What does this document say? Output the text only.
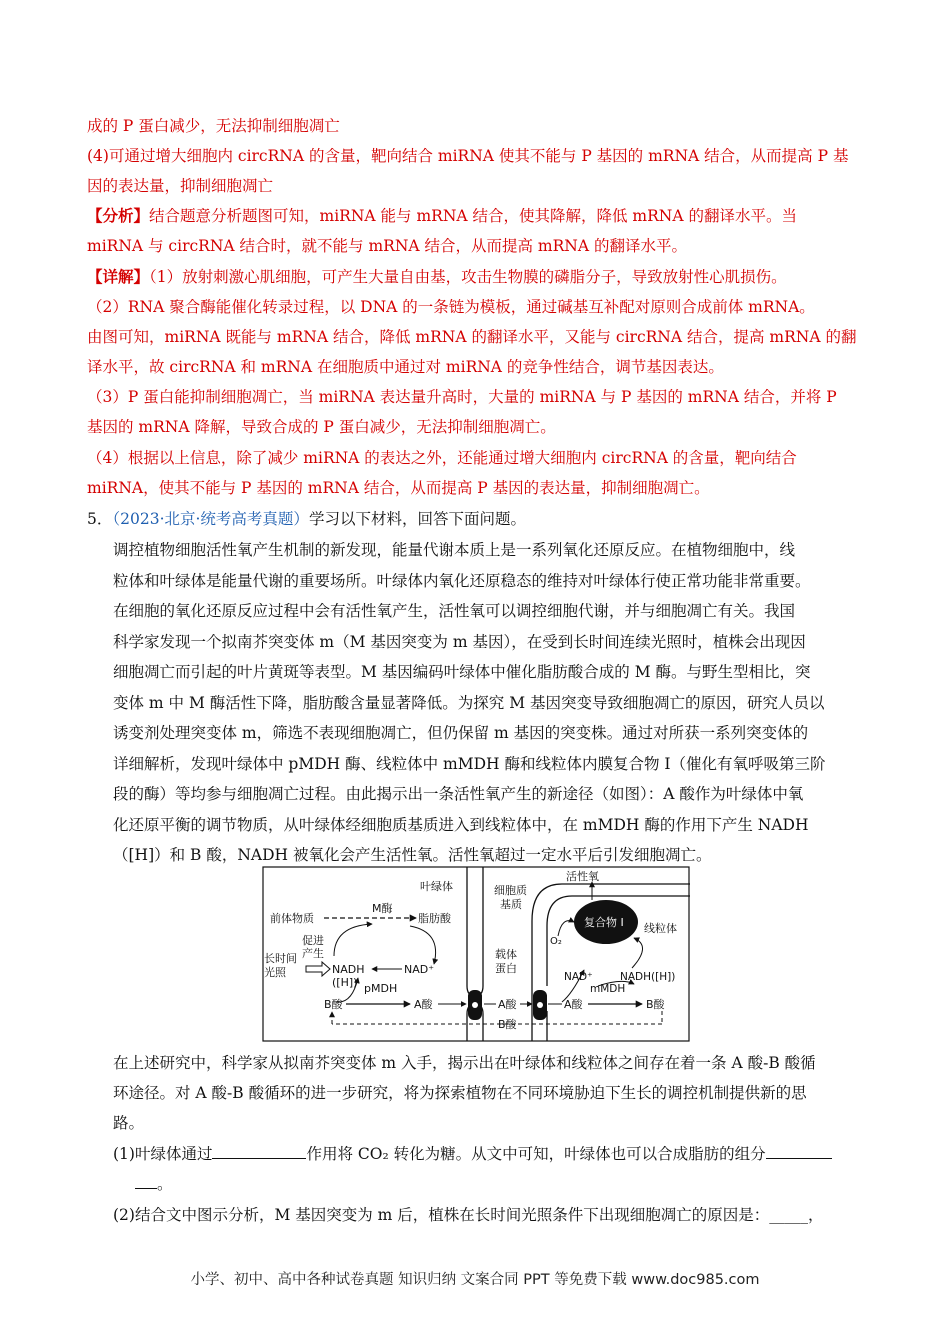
成的 P 蛋白减少，无法抑制细胞凋亡
(4)可通过增大细胞内 circRNA 的含量，靶向结合 miRNA 使其不能与 P 基因的 mRNA 结合，从而提高 P 基
因的表达量，抑制细胞凋亡
【分析】结合题意分析题图可知，miRNA 能与 mRNA 结合，使其降解，降低 mRNA 的翻译水平。当
miRNA 与 circRNA 结合时，就不能与 mRNA 结合，从而提高 mRNA 的翻译水平。
【详解】（1）放射刺激心肌细胞，可产生大量自由基，攻击生物膜的磷脂分子，导致放射性心肌损伤。
（2）RNA 聚合酶能催化转录过程，以 DNA 的一条链为模板，通过碱基互补配对原则合成前体 mRNA。
由图可知，miRNA 既能与 mRNA 结合，降低 mRNA 的翻译水平，又能与 circRNA 结合，提高 mRNA 的翻
译水平，故 circRNA 和 mRNA 在细胞质中通过对 miRNA 的竞争性结合，调节基因表达。
（3）P 蛋白能抑制细胞凋亡，当 miRNA 表达量升高时，大量的 miRNA 与 P 基因的 mRNA 结合，并将 P
基因的 mRNA 降解，导致合成的 P 蛋白减少，无法抑制细胞凋亡。
（4）根据以上信息，除了减少 miRNA 的表达之外，还能通过增大细胞内 circRNA 的含量，靶向结合
miRNA，使其不能与 P 基因的 mRNA 结合，从而提高 P 基因的表达量，抑制细胞凋亡。
5．（2023·北京·统考高考真题）学习以下材料，回答下面问题。
调控植物细胞活性氧产生机制的新发现，能量代谢本质上是一系列氧化还原反应。在植物细胞中，线
粒体和叶绿体是能量代谢的重要场所。叶绿体内氧化还原稳态的维持对叶绿体行使正常功能非常重要。
在细胞的氧化还原反应过程中会有活性氧产生，活性氧可以调控细胞代谢，并与细胞凋亡有关。我国
科学家发现一个拟南芥突变体 m（M 基因突变为 m 基因），在受到长时间连续光照时，植株会出现因
细胞凋亡而引起的叶片黄斑等表型。M 基因编码叶绿体中催化脂肪酸合成的 M 酶。与野生型相比，突
变体 m 中 M 酶活性下降，脂肪酸含量显著降低。为探究 M 基因突变导致细胞凋亡的原因，研究人员以
诱变剂处理突变体 m，筛选不表现细胞凋亡，但仍保留 m 基因的突变株。通过对所获一系列突变体的
详细解析，发现叶绿体中 pMDH 酶、线粒体中 mMDH 酶和线粒体内膜复合物 I（催化有氧呼吸第三阶
段的酶）等均参与细胞凋亡过程。由此揭示出一条活性氧产生的新途径（如图）：A 酸作为叶绿体中氧
化还原平衡的调节物质，从叶绿体经细胞质基质进入到线粒体中，在 mMDH 酶的作用下产生 NADH
（[H]）和 B 酸，NADH 被氧化会产生活性氧。活性氧超过一定水平后引发细胞凋亡。
叶绿体	细胞质
基质
活性氧
复合物 I 线粒体
前体物质
M酶
脂肪酸
促进
产生
长时间
光照	NADH
([H])
NAD⁺
pMDH
B酸	A酸
载体
蛋白
A酸
B酸
O₂
NAD⁺	NADH([H])
mMDH
A酸	B酸
在上述研究中，科学家从拟南芥突变体 m 入手，揭示出在叶绿体和线粒体之间存在着一条 A 酸-B 酸循
环途径。对 A 酸-B 酸循环的进一步研究，将为探索植物在不同环境胁迫下生长的调控机制提供新的思
路。
(1)叶绿体通过	作用将 CO₂ 转化为糖。从文中可知，叶绿体也可以合成脂肪的组分
。
(2)结合文中图示分析，M 基因突变为 m 后，植株在长时间光照条件下出现细胞凋亡的原因是：_____，
小学、初中、高中各种试卷真题 知识归纳 文案合同 PPT 等免费下载 www.doc985.com
